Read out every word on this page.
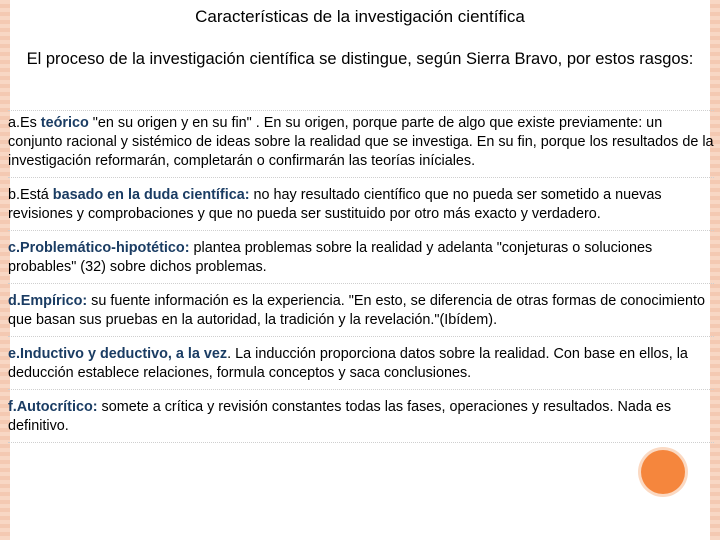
Características de la investigación científica

El proceso de la investigación científica se distingue, según Sierra Bravo, por estos rasgos:

a.Es teórico "en su origen y en su fin" . En su origen, porque parte de algo que existe previamente: un conjunto racional y sistémico de ideas sobre la realidad que se investiga. En su fin, porque los resultados de la investigación reformarán, completarán o confirmarán las teorías iníciales.

b.Está basado en la duda científica: no hay resultado científico que no pueda ser sometido a nuevas revisiones y comprobaciones y que no pueda ser sustituido por otro más exacto y verdadero.

c.Problemático-hipotético: plantea problemas sobre la realidad y adelanta "conjeturas o soluciones probables" (32) sobre dichos problemas.

d.Empírico: su fuente información es la experiencia. "En esto, se diferencia de otras formas de conocimiento que basan sus pruebas en la autoridad, la tradición y la revelación."(Ibídem).

e.Inductivo y deductivo, a la vez. La inducción proporciona datos sobre la realidad. Con base en ellos, la deducción establece relaciones, formula conceptos y saca conclusiones.

f.Autocrítico: somete a crítica y revisión constantes todas las fases, operaciones y resultados. Nada es definitivo.
